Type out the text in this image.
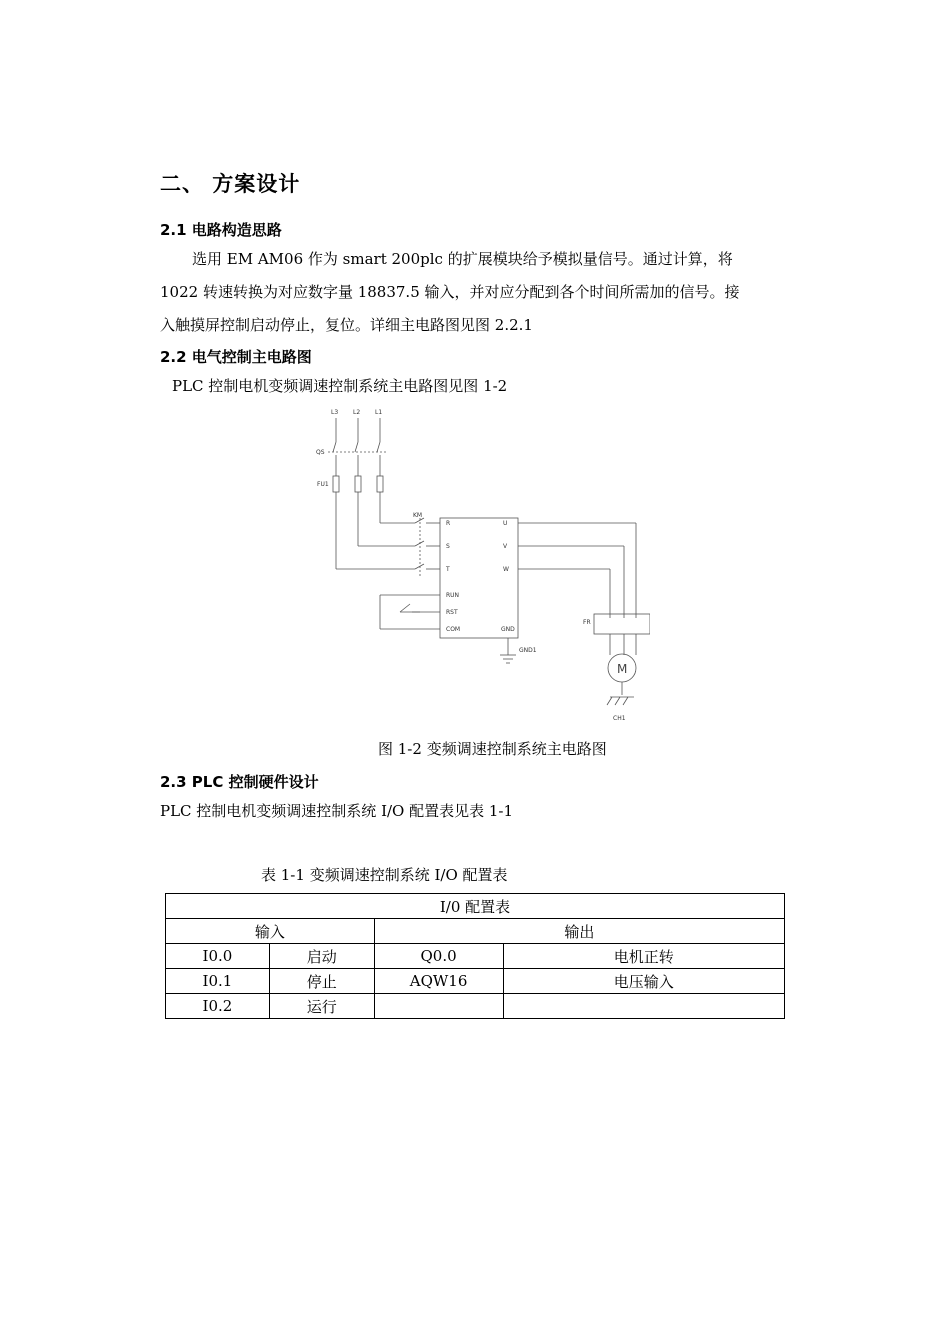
二、 方案设计
2.1 电路构造思路
选用 EM AM06 作为 smart 200plc 的扩展模块给予模拟量信号。通过计算，将
1022 转速转换为对应数字量 18837.5 输入，并对应分配到各个时间所需加的信号。接
入触摸屏控制启动停止，复位。详细主电路图见图 2.2.1
2.2 电气控制主电路图
PLC 控制电机变频调速控制系统主电路图见图 1-2
L3 L2 L1
QS
FU1
KM
R
S
T
U
V
W
RUN
RST
COM	GND
GND1
FR
M
CH1
图 1-2 变频调速控制系统主电路图
2.3 PLC 控制硬件设计
PLC 控制电机变频调速控制系统 I/O 配置表见表 1-1
表 1-1 变频调速控制系统 I/O 配置表
I/0 配置表			
输入		输出	
I0.0	启动	Q0.0	电机正转
I0.1	停止	AQW16	电压输入
I0.2	运行		
